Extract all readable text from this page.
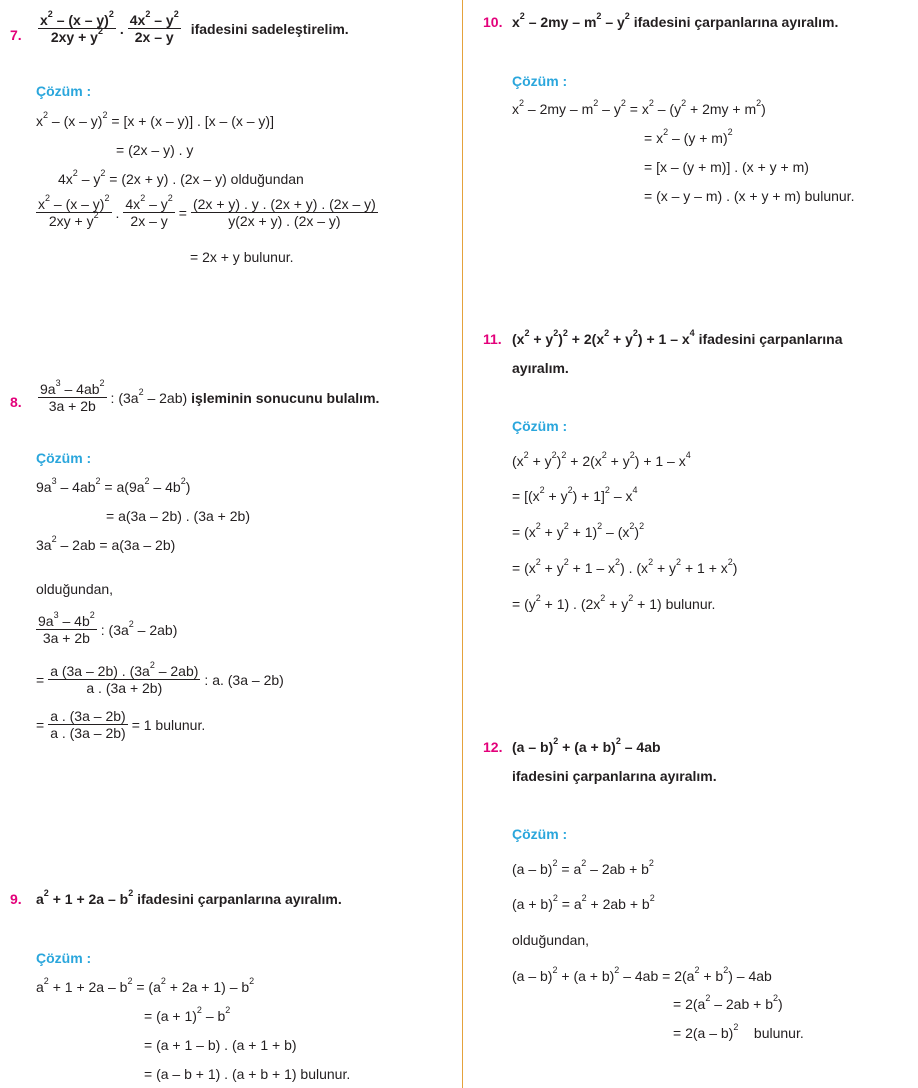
7. $\frac{x^2 - (x - y)^2}{2xy + y^2}$ . $\frac{4x^2 - y^2}{2x - y}$ ifadesini sadeleştirelim.
Çözüm :
$x^2 - (x - y)^2 = [x + (x - y)]$ . [x – (x – y)]
= (2x – y) . y
$4x^2 - y^2 = (2x + y)$ . (2x – y) olduğundan
$\frac{x^2 - (x - y)^2}{2xy + y^2}$ . $\frac{4x^2 - y^2}{2x - y} = \frac{(2x + y) . y . (2x + y) . (2x - y)}{y(2x + y) . (2x - y)}$
= 2x + y bulunur.
8. $\frac{9a^3 - 4ab^2}{3a + 2b}$ : $(3a^2 - 2ab)$ işleminin sonucunu bulalım.
Çözüm :
$9a^3 - 4ab^2 = a(9a^2 - 4b^2)$
= a(3a – 2b) . (3a + 2b)
$3a^2 - 2ab = a(3a - 2b)$
olduğundan,
$\frac{9a^3 - 4b^2}{3a + 2b}$ : $(3a^2 - 2ab)$
= $\frac{a (3a - 2b) . (3a^2 - 2ab)}{a . (3a + 2b)}$ : a. (3a – 2b)
= $\frac{a . (3a - 2b)}{a . (3a - 2b)} = 1$ bulunur.
9. $a^2 + 1 + 2a - b^2$ ifadesini çarpanlarına ayıralım.
Çözüm :
$a^2 + 1 + 2a - b^2 = (a^2 + 2a + 1) - b^2$
= $(a + 1)^2 - b^2$
= (a + 1 – b) . (a + 1 + b)
= (a – b + 1) . (a + b + 1) bulunur.
10. $x^2 - 2my - m^2 - y^2$ ifadesini çarpanlarına ayıralım.
Çözüm :
$x^2 - 2my - m^2 - y^2 = x^2 - (y^2 + 2my + m^2)$
= $x^2 - (y + m)^2$
= [x – (y + m)] . (x + y + m)
= (x – y – m) . (x + y + m) bulunur.
11. $(x^2 + y^2)^2 + 2(x^2 + y^2) + 1 - x^4$ ifadesini çarpanlarına
ayıralım.
Çözüm :
$(x^2 + y^2)^2 + 2(x^2 + y^2) + 1 - x^4$
= $[(x^2 + y^2) + 1]^2 - x^4$
= $(x^2 + y^2 + 1)^2 - (x^2)^2$
= $(x^2 + y^2 + 1 - x^2)$ . $(x^2 + y^2 + 1 + x^2)$
= $(y^2 + 1)$ . $(2x^2 + y^2 + 1)$ bulunur.
12. $(a - b)^2 + (a + b)^2 - 4ab$
ifadesini çarpanlarına ayıralım.
Çözüm :
$(a - b)^2 = a^2 - 2ab + b^2$
$(a + b)^2 = a^2 + 2ab + b^2$
olduğundan,
$(a - b)^2 + (a + b)^2 - 4ab = 2(a^2 + b^2) - 4ab$
= $2(a^2 - 2ab + b^2)$
= 2(a – b)$^2$    bulunur.
